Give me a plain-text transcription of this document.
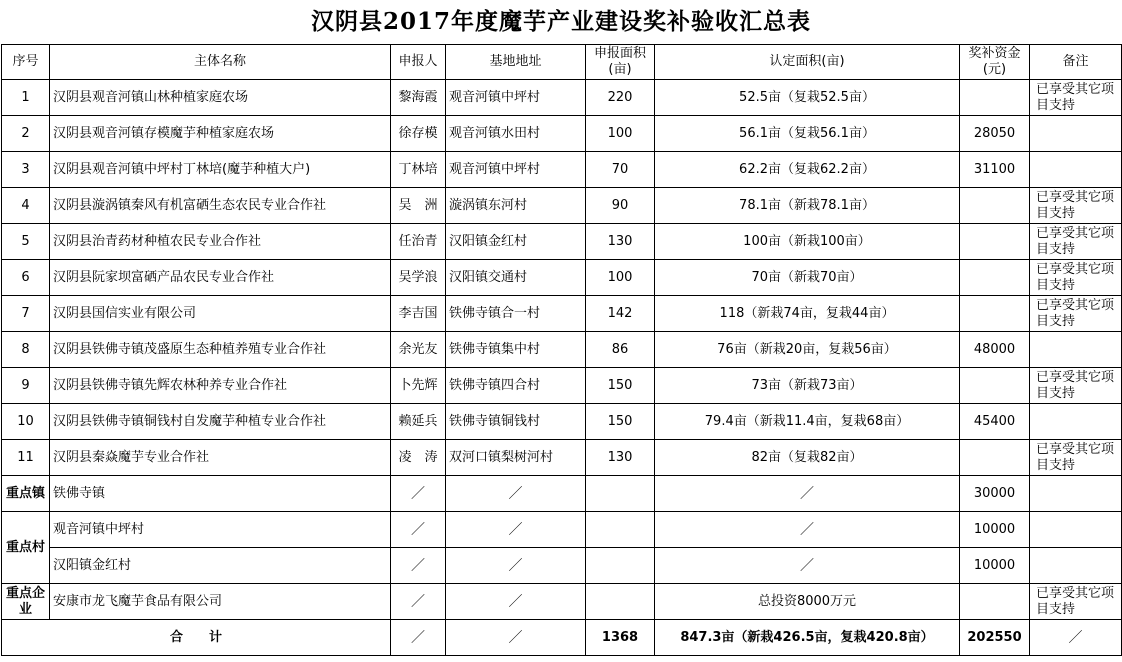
汉阴县2017年度魔芋产业建设奖补验收汇总表
序号	主体名称	申报人	基地地址	申报面积(亩)	认定面积(亩)	奖补资金(元)	备注
1	汉阴县观音河镇山林种植家庭农场	黎海霞	观音河镇中坪村	220	52.5亩（复栽52.5亩）		已享受其它项目支持
2	汉阴县观音河镇存模魔芋种植家庭农场	徐存模	观音河镇水田村	100	56.1亩（复栽56.1亩）	28050	
3	汉阴县观音河镇中坪村丁林培(魔芋种植大户)	丁林培	观音河镇中坪村	70	62.2亩（复栽62.2亩）	31100	
4	汉阴县漩涡镇秦风有机富硒生态农民专业合作社	吴　洲	漩涡镇东河村	90	78.1亩（新栽78.1亩）		已享受其它项目支持
5	汉阴县治青药材种植农民专业合作社	任治青	汉阳镇金红村	130	100亩（新栽100亩）		已享受其它项目支持
6	汉阴县阮家坝富硒产品农民专业合作社	吴学浪	汉阳镇交通村	100	70亩（新栽70亩）		已享受其它项目支持
7	汉阴县国信实业有限公司	李吉国	铁佛寺镇合一村	142	118（新栽74亩，复栽44亩）		已享受其它项目支持
8	汉阴县铁佛寺镇茂盛原生态种植养殖专业合作社	余光友	铁佛寺镇集中村	86	76亩（新栽20亩，复栽56亩）	48000	
9	汉阴县铁佛寺镇先辉农林种养专业合作社	卜先辉	铁佛寺镇四合村	150	73亩（新栽73亩）		已享受其它项目支持
10	汉阴县铁佛寺镇铜钱村自发魔芋种植专业合作社	赖延兵	铁佛寺镇铜钱村	150	79.4亩（新栽11.4亩，复栽68亩）	45400	
11	汉阴县秦焱魔芋专业合作社	凌　涛	双河口镇梨树河村	130	82亩（复栽82亩）		已享受其它项目支持
重点镇	铁佛寺镇	／	／		／	30000	
重点村	观音河镇中坪村	／	／		／	10000	
	汉阳镇金红村	／	／		／	10000	
重点企业	安康市龙飞魔芋食品有限公司	／	／		总投资8000万元		已享受其它项目支持
合　　计		／	／	1368	847.3亩（新栽426.5亩，复栽420.8亩）	202550	／
